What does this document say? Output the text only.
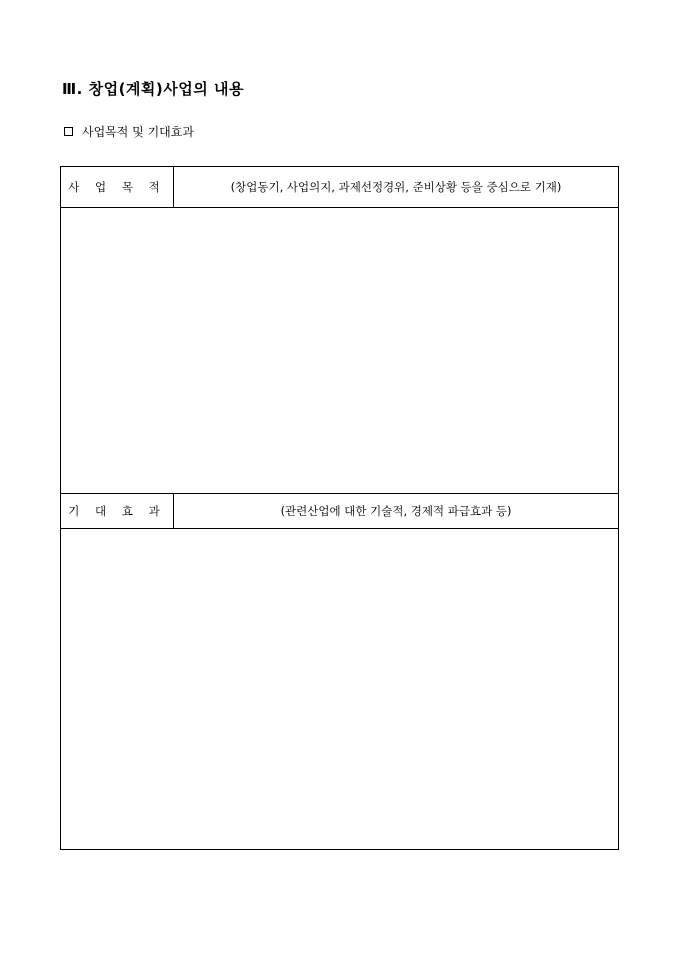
Ⅲ. 창업(계획)사업의 내용
사업목적 및 기대효과
사 업 목 적	(창업동기, 사업의지, 과제선정경위, 준비상황 등을 중심으로 기재)

기 대 효 과	(관련산업에 대한 기술적, 경제적 파급효과 등)
